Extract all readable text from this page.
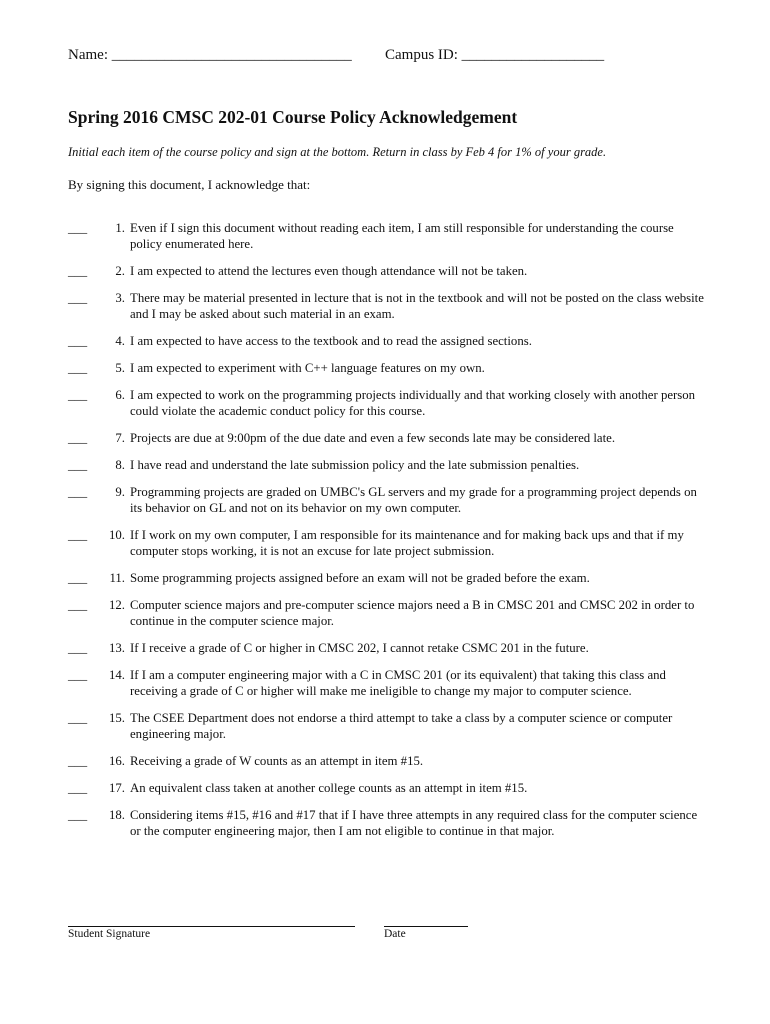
Name: ________________________________ Campus ID: ___________________
Spring 2016 CMSC 202-01 Course Policy Acknowledgement
Initial each item of the course policy and sign at the bottom. Return in class by Feb 4 for 1% of your grade.
By signing this document, I acknowledge that:
___	1. Even if I sign this document without reading each item, I am still responsible for understanding the course policy enumerated here.
___	2. I am expected to attend the lectures even though attendance will not be taken.
___	3. There may be material presented in lecture that is not in the textbook and will not be posted on the class website and I may be asked about such material in an exam.
___	4. I am expected to have access to the textbook and to read the assigned sections.
___	5. I am expected to experiment with C++ language features on my own.
___	6. I am expected to work on the programming projects individually and that working closely with another person could violate the academic conduct policy for this course.
___	7. Projects are due at 9:00pm of the due date and even a few seconds late may be considered late.
___	8. I have read and understand the late submission policy and the late submission penalties.
___	9. Programming projects are graded on UMBC's GL servers and my grade for a programming project depends on its behavior on GL and not on its behavior on my own computer.
___	10. If I work on my own computer, I am responsible for its maintenance and for making back ups and that if my computer stops working, it is not an excuse for late project submission.
___	11. Some programming projects assigned before an exam will not be graded before the exam.
___	12. Computer science majors and pre-computer science majors need a B in CMSC 201 and CMSC 202 in order to continue in the computer science major.
___	13. If I receive a grade of C or higher in CMSC 202, I cannot retake CSMC 201 in the future.
___	14. If I am a computer engineering major with a C in CMSC 201 (or its equivalent) that taking this class and receiving a grade of C or higher will make me ineligible to change my major to computer science.
___	15. The CSEE Department does not endorse a third attempt to take a class by a computer science or computer engineering major.
___	16. Receiving a grade of W counts as an attempt in item #15.
___	17. An equivalent class taken at another college counts as an attempt in item #15.
___	18. Considering items #15, #16 and #17 that if I have three attempts in any required class for the computer science or the computer engineering major, then I am not eligible to continue in that major.
Student Signature	Date
